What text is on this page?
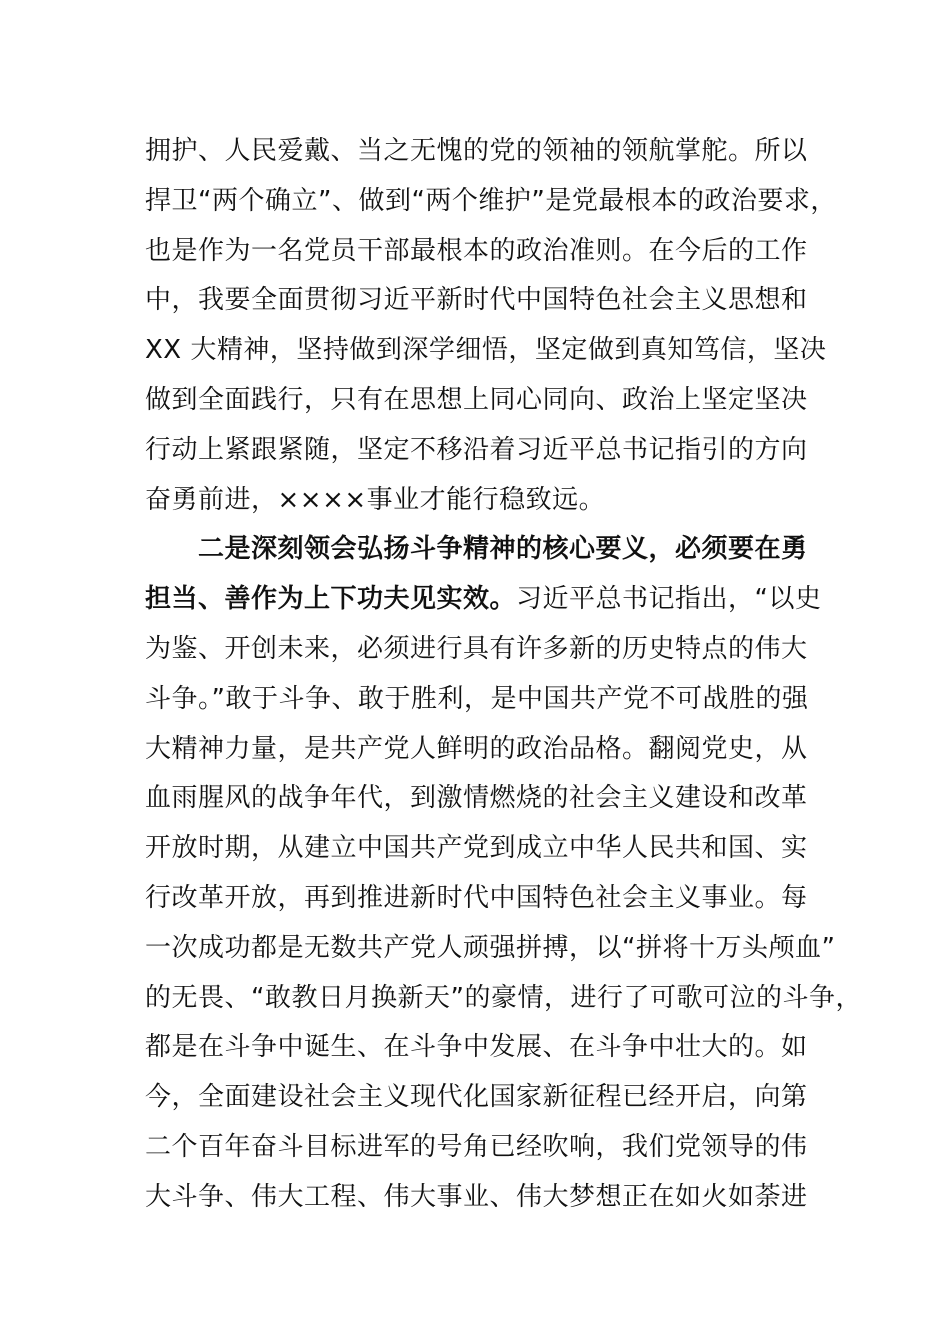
拥护、人民爱戴、当之无愧的党的领袖的领航掌舵。所以
捍卫“两个确立”、做到“两个维护”是党最根本的政治要求，
也是作为一名党员干部最根本的政治准则。在今后的工作
中，我要全面贯彻习近平新时代中国特色社会主义思想和
XX 大精神，坚持做到深学细悟，坚定做到真知笃信，坚决
做到全面践行，只有在思想上同心同向、政治上坚定坚决
行动上紧跟紧随，坚定不移沿着习近平总书记指引的方向
奋勇前进，××××事业才能行稳致远。
　　二是深刻领会弘扬斗争精神的核心要义，必须要在勇
担当、善作为上下功夫见实效。习近平总书记指出，“以史
为鉴、开创未来，必须进行具有许多新的历史特点的伟大
斗争。”敢于斗争、敢于胜利，是中国共产党不可战胜的强
大精神力量，是共产党人鲜明的政治品格。翻阅党史，从
血雨腥风的战争年代，到激情燃烧的社会主义建设和改革
开放时期，从建立中国共产党到成立中华人民共和国、实
行改革开放，再到推进新时代中国特色社会主义事业。每
一次成功都是无数共产党人顽强拼搏，以“拼将十万头颅血”
的无畏、“敢教日月换新天”的豪情，进行了可歌可泣的斗争，
都是在斗争中诞生、在斗争中发展、在斗争中壮大的。如
今，全面建设社会主义现代化国家新征程已经开启，向第
二个百年奋斗目标进军的号角已经吹响，我们党领导的伟
大斗争、伟大工程、伟大事业、伟大梦想正在如火如荼进
